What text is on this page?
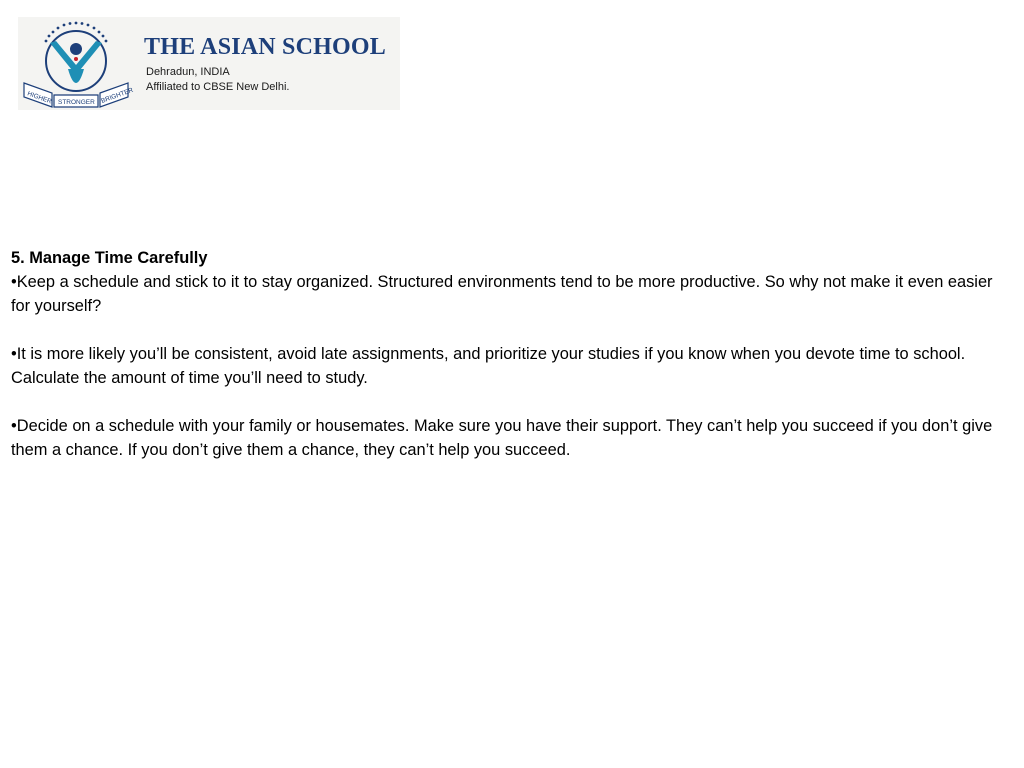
HIGHER STRONGER BRIGHTER
THE ASIAN SCHOOL
Dehradun, INDIA
Affiliated to CBSE New Delhi.

5. Manage Time Carefully

•Keep a schedule and stick to it to stay organized. Structured environments tend to be more productive. So why not make it even easier for yourself?

•It is more likely you’ll be consistent, avoid late assignments, and prioritize your studies if you know when you devote time to school.

Calculate the amount of time you’ll need to study.

•Decide on a schedule with your family or housemates. Make sure you have their support. They can’t help you succeed if you don’t give them a chance. If you don’t give them a chance, they can’t help you succeed.
